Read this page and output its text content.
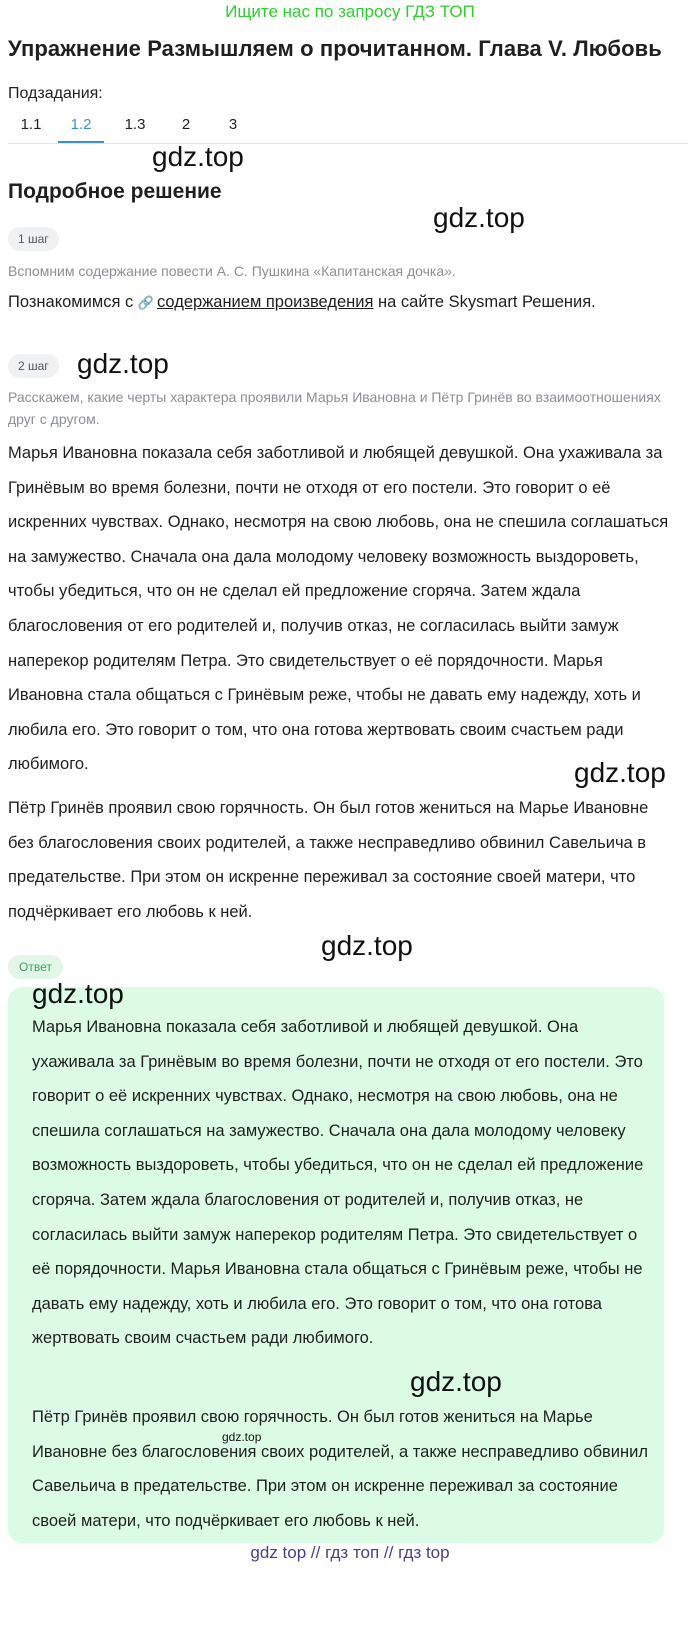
Ищите нас по запросу ГДЗ ТОП
Упражнение Размышляем о прочитанном. Глава V. Любовь
Подзадания:
1.1	1.2	1.3	2	3
gdz.top
Подробное решение
gdz.top
1 шаг
Вспомним содержание повести А. С. Пушкина «Капитанская дочка».
Познакомимся с 🔗 содержанием произведения на сайте Skysmart Решения.
2 шаг	gdz.top
Расскажем, какие черты характера проявили Марья Ивановна и Пётр Гринёв во взаимоотношениях друг с другом.

Марья Ивановна показала себя заботливой и любящей девушкой. Она ухаживала за Гринёвым во время болезни, почти не отходя от его постели. Это говорит о её искренних чувствах. Однако, несмотря на свою любовь, она не спешила соглашаться на замужество. Сначала она дала молодому человеку возможность выздороветь, чтобы убедиться, что он не сделал ей предложение сгоряча. Затем ждала благословения от его родителей и, получив отказ, не согласилась выйти замуж наперекор родителям Петра. Это свидетельствует о её порядочности. Марья Ивановна стала общаться с Гринёвым реже, чтобы не давать ему надежду, хоть и любила его. Это говорит о том, что она готова жертвовать своим счастьем ради любимого.	gdz.top

Пётр Гринёв проявил свою горячность. Он был готов жениться на Марье Ивановне без благословения своих родителей, а также несправедливо обвинил Савельича в предательстве. При этом он искренне переживал за состояние своей матери, что подчёркивает его любовь к ней.

gdz.top
Ответ
gdz.top

Марья Ивановна показала себя заботливой и любящей девушкой. Она ухаживала за Гринёвым во время болезни, почти не отходя от его постели. Это говорит о её искренних чувствах. Однако, несмотря на свою любовь, она не спешила соглашаться на замужество. Сначала она дала молодому человеку возможность выздороветь, чтобы убедиться, что он не сделал ей предложение сгоряча. Затем ждала благословения от родителей и, получив отказ, не согласилась выйти замуж наперекор родителям Петра. Это свидетельствует о её порядочности. Марья Ивановна стала общаться с Гринёвым реже, чтобы не давать ему надежду, хоть и любила его. Это говорит о том, что она готова жертвовать своим счастьем ради любимого.

gdz.top

Пётр Гринёв проявил свою горячность. Он был готов жениться на Марье Ивановне без благословения своих родителей, а также несправедливо обвинил Савельича в предательстве. При этом он искренне переживал за состояние своей матери, что подчёркивает его любовь к ней.

gdz.top
gdz top // гдз топ // гдз top
